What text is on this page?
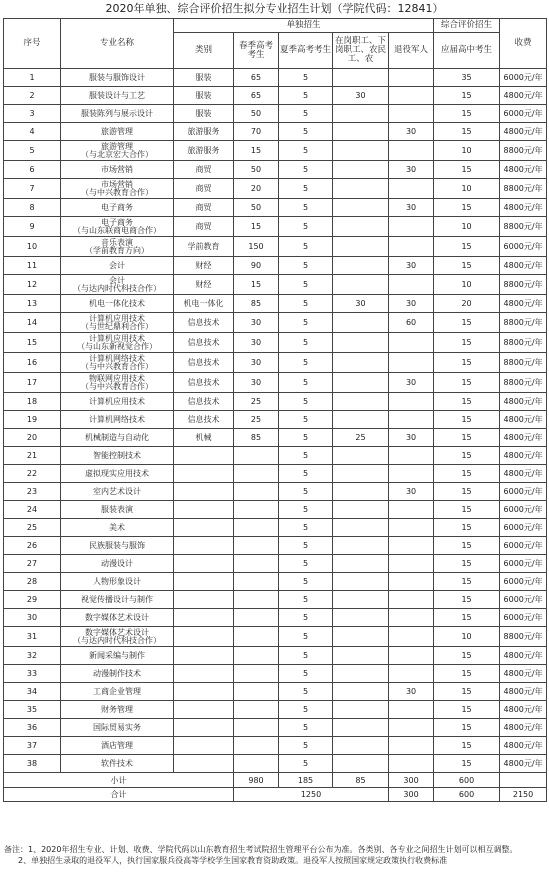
2020年单独、综合评价招生拟分专业招生计划（学院代码：12841）
序号	专业名称	单独招生					综合评价招生	收费
		类别	春季高考考生	夏季高考考生	在岗职工、下岗职工、农民工、农	退役军人	应届高中考生	
1	服装与服饰设计	服装	65	5			35	6000元/年
2	服装设计与工艺	服装	65	5	30		15	4800元/年
3	服装陈列与展示设计	服装	50	5			15	6000元/年
4	旅游管理	旅游服务	70	5		30	15	4800元/年
5	旅游管理
（与北京宏大合作）	旅游服务	15	5			10	8800元/年
6	市场营销	商贸	50	5		30	15	4800元/年
7	市场营销
（与中兴教育合作）	商贸	20	5			10	8800元/年
8	电子商务	商贸	50	5		30	15	4800元/年
9	电子商务
（与山东联商电商合作）	商贸	15	5			10	8800元/年
10	音乐表演
（学前教育方向）	学前教育	150	5			15	6000元/年
11	会计	财经	90	5		30	15	4800元/年
12	会计
（与达内时代科技合作）	财经	15	5			10	8800元/年
13	机电一体化技术	机电一体化	85	5	30	30	20	4800元/年
14	计算机应用技术
（与世纪鼎利合作）	信息技术	30	5		60	15	8800元/年
15	计算机应用技术
（与山东新视觉合作）	信息技术	30	5			15	8800元/年
16	计算机网络技术
（与中兴教育合作）	信息技术	30	5			15	8800元/年
17	物联网应用技术
（与中兴教育合作）	信息技术	30	5		30	15	8800元/年
18	计算机应用技术	信息技术	25	5			15	4800元/年
19	计算机网络技术	信息技术	25	5			15	4800元/年
20	机械制造与自动化	机械	85	5	25	30	15	4800元/年
21	智能控制技术			5			15	4800元/年
22	虚拟现实应用技术			5			15	4800元/年
23	室内艺术设计			5		30	15	6000元/年
24	服装表演			5			15	6000元/年
25	美术			5			15	6000元/年
26	民族服装与服饰			5			15	6000元/年
27	动漫设计			5			15	6000元/年
28	人物形象设计			5			15	6000元/年
29	视觉传播设计与制作			5			15	6000元/年
30	数字媒体艺术设计			5			15	6000元/年
31	数字媒体艺术设计
（与达内时代科技合作）			5			10	8800元/年
32	新闻采编与制作			5			15	4800元/年
33	动漫制作技术			5			15	4800元/年
34	工商企业管理			5		30	15	4800元/年
35	财务管理			5			15	4800元/年
36	国际贸易实务			5			15	4800元/年
37	酒店管理			5			15	4800元/年
38	软件技术			5			15	4800元/年
小计			980	185	85	300	600	
合计			1250			300	600	2150
备注：1、2020年招生专业、计划、收费、学院代码以山东教育招生考试院招生管理平台公布为准。各类别、各专业之间招生计划可以相互调整。
2、单独招生录取的退役军人，执行国家服兵役高等学校学生国家教育资助政策。退役军人按照国家规定政策执行收费标准
